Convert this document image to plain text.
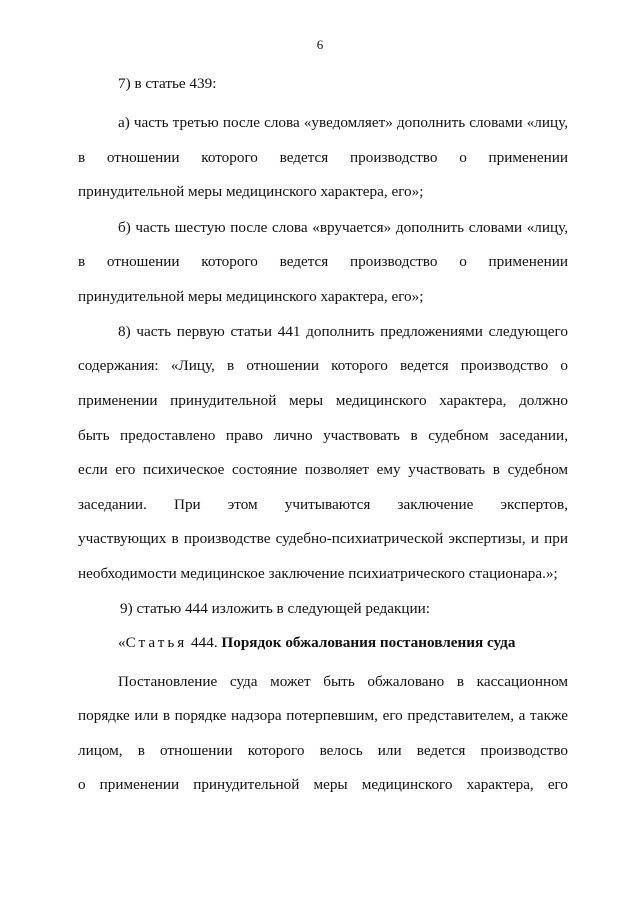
6
7) в статье 439:
а) часть третью после слова «уведомляет» дополнить словами «лицу,
в отношении которого ведется производство о применении
принудительной меры медицинского характера, его»;
б) часть шестую после слова «вручается» дополнить словами «лицу,
в отношении которого ведется производство о применении
принудительной меры медицинского характера, его»;
8) часть первую статьи 441 дополнить предложениями следующего
содержания: «Лицу, в отношении которого ведется производство о
применении принудительной меры медицинского характера, должно
быть предоставлено право лично участвовать в судебном заседании,
если его психическое состояние позволяет ему участвовать в судебном
заседании. При этом учитываются заключение экспертов,
участвующих в производстве судебно-психиатрической экспертизы, и при
необходимости медицинское заключение психиатрического стационара.»;
9) статью 444 изложить в следующей редакции:
«Статья 444. Порядок обжалования постановления суда
Постановление суда может быть обжаловано в кассационном
порядке или в порядке надзора потерпевшим, его представителем, а также
лицом, в отношении которого велось или ведется производство
о применении принудительной меры медицинского характера, его
